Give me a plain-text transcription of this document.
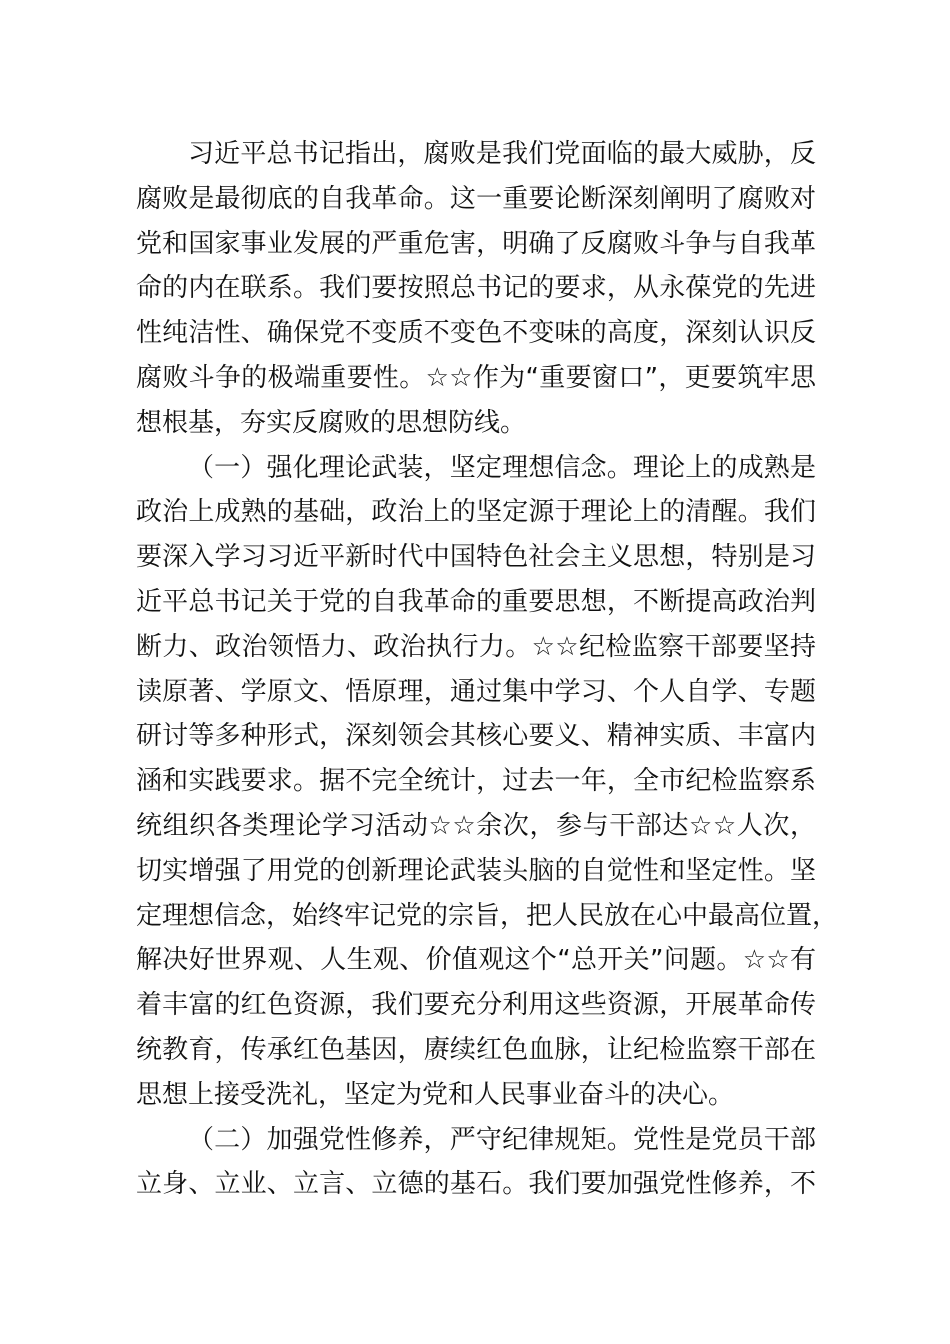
习近平总书记指出，腐败是我们党面临的最大威胁，反
腐败是最彻底的自我革命。这一重要论断深刻阐明了腐败对
党和国家事业发展的严重危害，明确了反腐败斗争与自我革
命的内在联系。我们要按照总书记的要求，从永葆党的先进
性纯洁性、确保党不变质不变色不变味的高度，深刻认识反
腐败斗争的极端重要性。☆☆作为“重要窗口”，更要筑牢思
想根基，夯实反腐败的思想防线。
（一）强化理论武装，坚定理想信念。理论上的成熟是
政治上成熟的基础，政治上的坚定源于理论上的清醒。我们
要深入学习习近平新时代中国特色社会主义思想，特别是习
近平总书记关于党的自我革命的重要思想，不断提高政治判
断力、政治领悟力、政治执行力。☆☆纪检监察干部要坚持
读原著、学原文、悟原理，通过集中学习、个人自学、专题
研讨等多种形式，深刻领会其核心要义、精神实质、丰富内
涵和实践要求。据不完全统计，过去一年，全市纪检监察系
统组织各类理论学习活动☆☆余次，参与干部达☆☆人次，
切实增强了用党的创新理论武装头脑的自觉性和坚定性。坚
定理想信念，始终牢记党的宗旨，把人民放在心中最高位置，
解决好世界观、人生观、价值观这个“总开关”问题。☆☆有
着丰富的红色资源，我们要充分利用这些资源，开展革命传
统教育，传承红色基因，赓续红色血脉，让纪检监察干部在
思想上接受洗礼，坚定为党和人民事业奋斗的决心。
（二）加强党性修养，严守纪律规矩。党性是党员干部
立身、立业、立言、立德的基石。我们要加强党性修养，不
